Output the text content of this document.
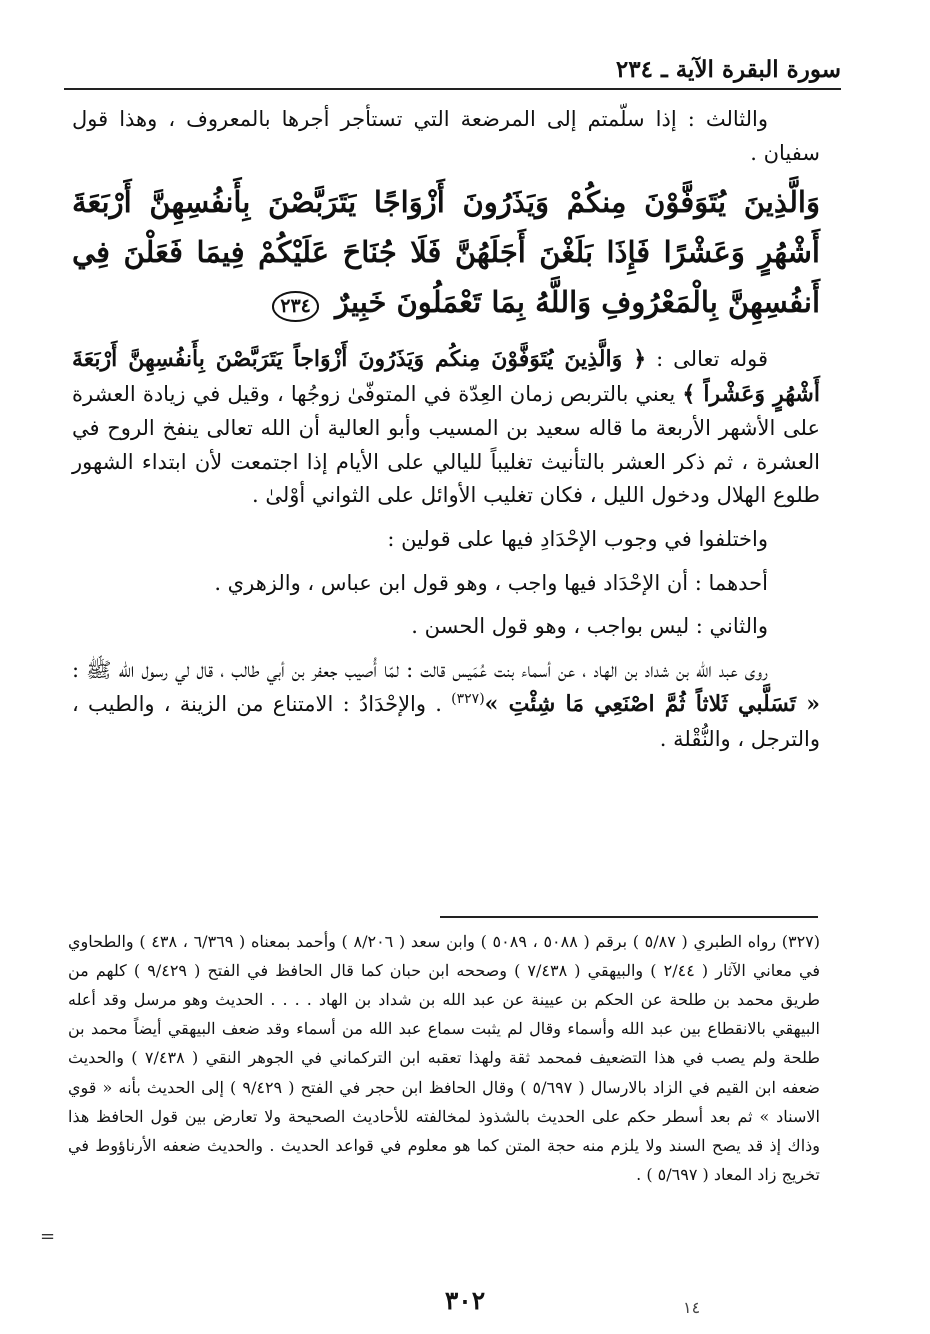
سورة البقرة الآية ـ ٢٣٤

والثالث : إذا سلّمتم إلى المرضعة التي تستأجر أجرها بالمعروف ، وهذا قول سفيان .

وَالَّذِينَ يُتَوَفَّوْنَ مِنكُمْ وَيَذَرُونَ أَزْوَاجًا يَتَرَبَّصْنَ بِأَنفُسِهِنَّ أَرْبَعَةَ أَشْهُرٍ وَعَشْرًا فَإِذَا بَلَغْنَ أَجَلَهُنَّ فَلَا جُنَاحَ عَلَيْكُمْ فِيمَا فَعَلْنَ فِي أَنفُسِهِنَّ بِالْمَعْرُوفِ وَاللَّهُ بِمَا تَعْمَلُونَ خَبِيرٌ ٢٣٤

قوله تعالى : ﴿ وَالَّذِينَ يُتَوَفَّوْنَ مِنكُم وَيَذَرُونَ أَزْوَاجاً يَتَرَبَّصْنَ بِأَنفُسِهِنَّ أَرْبَعَةَ أَشْهُرٍ وَعَشْراً ﴾ يعني بالتربص زمان العِدّة في المتوفّىٰ زوجُها ، وقيل في زيادة العشرة على الأشهر الأربعة ما قاله سعيد بن المسيب وأبو العالية أن الله تعالى ينفخ الروح في العشرة ، ثم ذكر العشر بالتأنيث تغليباً لليالي على الأيام إذا اجتمعت لأن ابتداء الشهور طلوع الهلال ودخول الليل ، فكان تغليب الأوائل على الثواني أوْلىٰ .

واختلفوا في وجوب الإحْدَادِ فيها على قولين :

أحدهما : أن الإحْدَاد فيها واجب ، وهو قول ابن عباس ، والزهري .

والثاني : ليس بواجب ، وهو قول الحسن .

روى عبد الله بن شداد بن الهاد ، عن أسماء بنت عُمَيس قالت : لمّا أُصيب جعفر بن أبي طالب ، قال لي رسول الله ﷺ : « تَسَلَّبي ثَلاثاً ثُمَّ اصْنَعِي مَا شِئْتِ »$^{(٣٢٧)}$ . والإحْدَادُ : الامتناع من الزينة ، والطيب ، والترجل ، والنُّقْلة .

(٣٢٧) رواه الطبري ( ٥/٨٧ ) برقم ( ٥٠٨٨ ، ٥٠٨٩ ) وابن سعد ( ٨/٢٠٦ ) وأحمد بمعناه ( ٦/٣٦٩ ، ٤٣٨ ) والطحاوي في معاني الآثار ( ٢/٤٤ ) والبيهقي ( ٧/٤٣٨ ) وصححه ابن حبان كما قال الحافظ في الفتح ( ٩/٤٢٩ ) كلهم من طريق محمد بن طلحة عن الحكم بن عيينة عن عبد الله بن شداد بن الهاد . . . . الحديث وهو مرسل وقد أعله البيهقي بالانقطاع بين عبد الله وأسماء وقال لم يثبت سماع عبد الله من أسماء وقد ضعف البيهقي أيضاً محمد بن طلحة ولم يصب في هذا التضعيف فمحمد ثقة ولهذا تعقبه ابن التركماني في الجوهر النقي ( ٧/٤٣٨ ) والحديث ضعفه ابن القيم في الزاد بالارسال ( ٥/٦٩٧ ) وقال الحافظ ابن حجر في الفتح ( ٩/٤٢٩ ) إلى الحديث بأنه « قوي الاسناد » ثم بعد أسطر حكم على الحديث بالشذوذ لمخالفته للأحاديث الصحيحة ولا تعارض بين قول الحافظ هذا وذاك إذ قد يصح السند ولا يلزم منه حجة المتن كما هو معلوم في قواعد الحديث . والحديث ضعفه الأرناؤوط في تخريج زاد المعاد ( ٥/٦٩٧ ) .

=
٣٠٢	١٤
